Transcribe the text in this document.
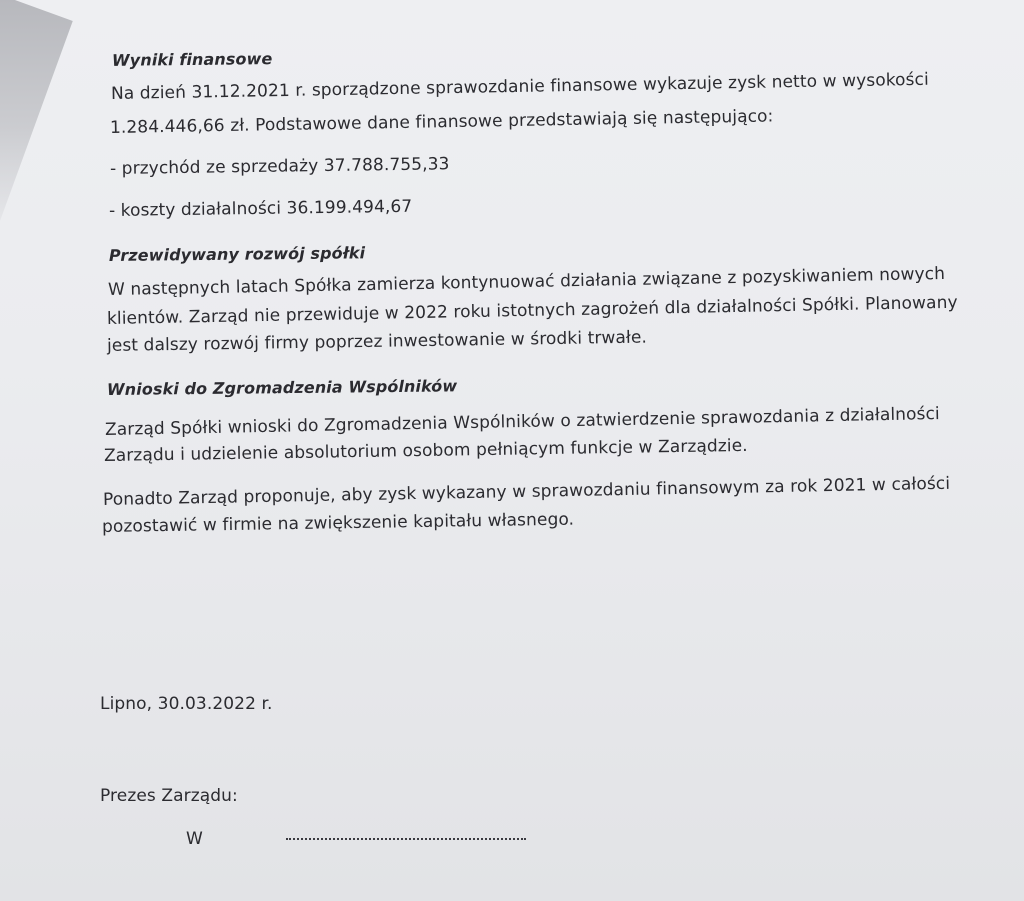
Wyniki finansowe
Na dzień 31.12.2021 r. sporządzone sprawozdanie finansowe wykazuje zysk netto w wysokości
1.284.446,66 zł. Podstawowe dane finansowe przedstawiają się następująco:
- przychód ze sprzedaży 37.788.755,33
- koszty działalności 36.199.494,67
Przewidywany rozwój spółki
W następnych latach Spółka zamierza kontynuować działania związane z pozyskiwaniem nowych
klientów. Zarząd nie przewiduje w 2022 roku istotnych zagrożeń dla działalności Spółki. Planowany
jest dalszy rozwój firmy poprzez inwestowanie w środki trwałe.
Wnioski do Zgromadzenia Wspólników
Zarząd Spółki wnioski do Zgromadzenia Wspólników o zatwierdzenie sprawozdania z działalności
Zarządu i udzielenie absolutorium osobom pełniącym funkcje w Zarządzie.
Ponadto Zarząd proponuje, aby zysk wykazany w sprawozdaniu finansowym za rok 2021 w całości
pozostawić w firmie na zwiększenie kapitału własnego.
Lipno, 30.03.2022 r.
Prezes Zarządu:
W
